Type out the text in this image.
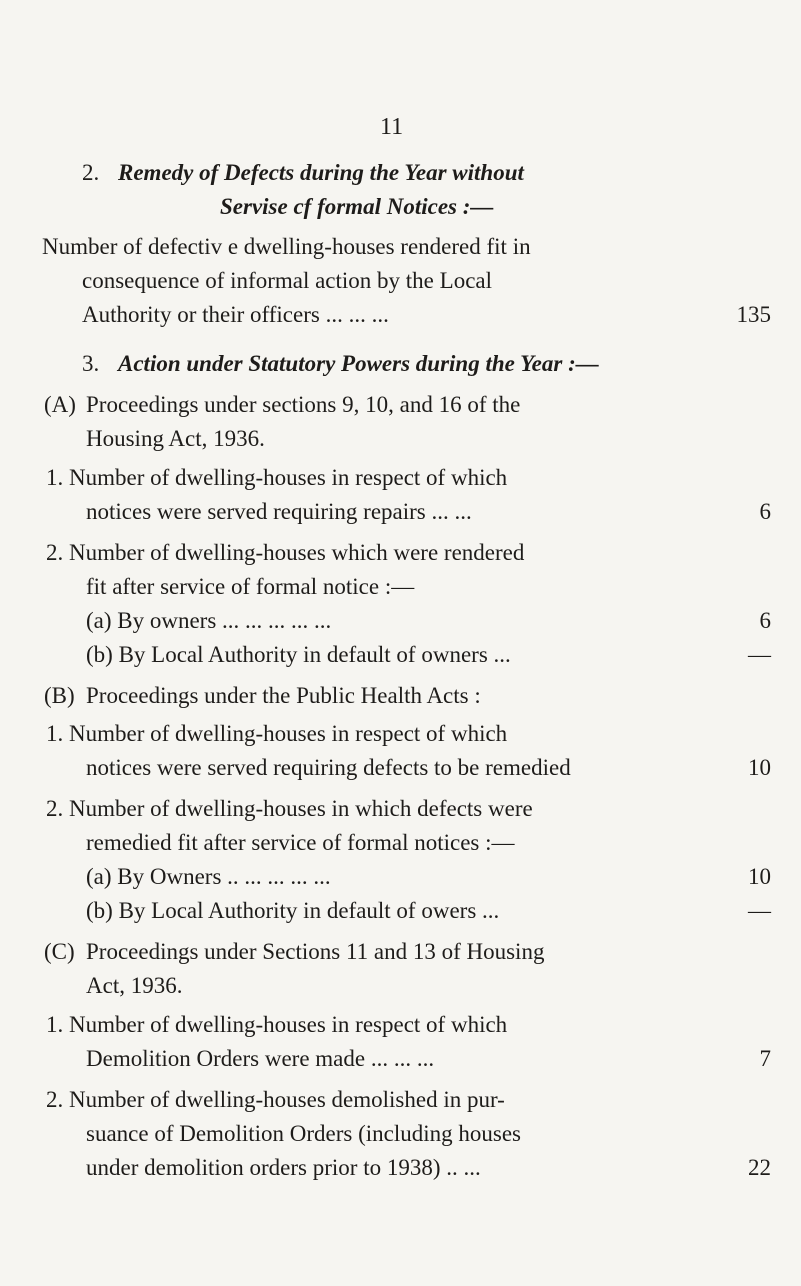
11
2. Remedy of Defects during the Year without
Servise cf formal Notices :—
Number of defectiv e dwelling-houses rendered fit in
consequence of informal action by the Local
Authority or their officers ... ... ...	135
3. Action under Statutory Powers during the Year :—
(A) Proceedings under sections 9, 10, and 16 of the
Housing Act, 1936.
1. Number of dwelling-houses in respect of which
notices were served requiring repairs ... ...	6
2. Number of dwelling-houses which were rendered
fit after service of formal notice :—
(a) By owners ... ... ... ... ...	6
(b) By Local Authority in default of owners ...	—
(B) Proceedings under the Public Health Acts :
1. Number of dwelling-houses in respect of which
notices were served requiring defects to be remedied	10
2. Number of dwelling-houses in which defects were
remedied fit after service of formal notices :—
(a) By Owners .. ... ... ... ...	10
(b) By Local Authority in default of owers ...	—
(C) Proceedings under Sections 11 and 13 of Housing
Act, 1936.
1. Number of dwelling-houses in respect of which
Demolition Orders were made ... ... ...	7
2. Number of dwelling-houses demolished in pur-
suance of Demolition Orders (including houses
under demolition orders prior to 1938) .. ...	22
